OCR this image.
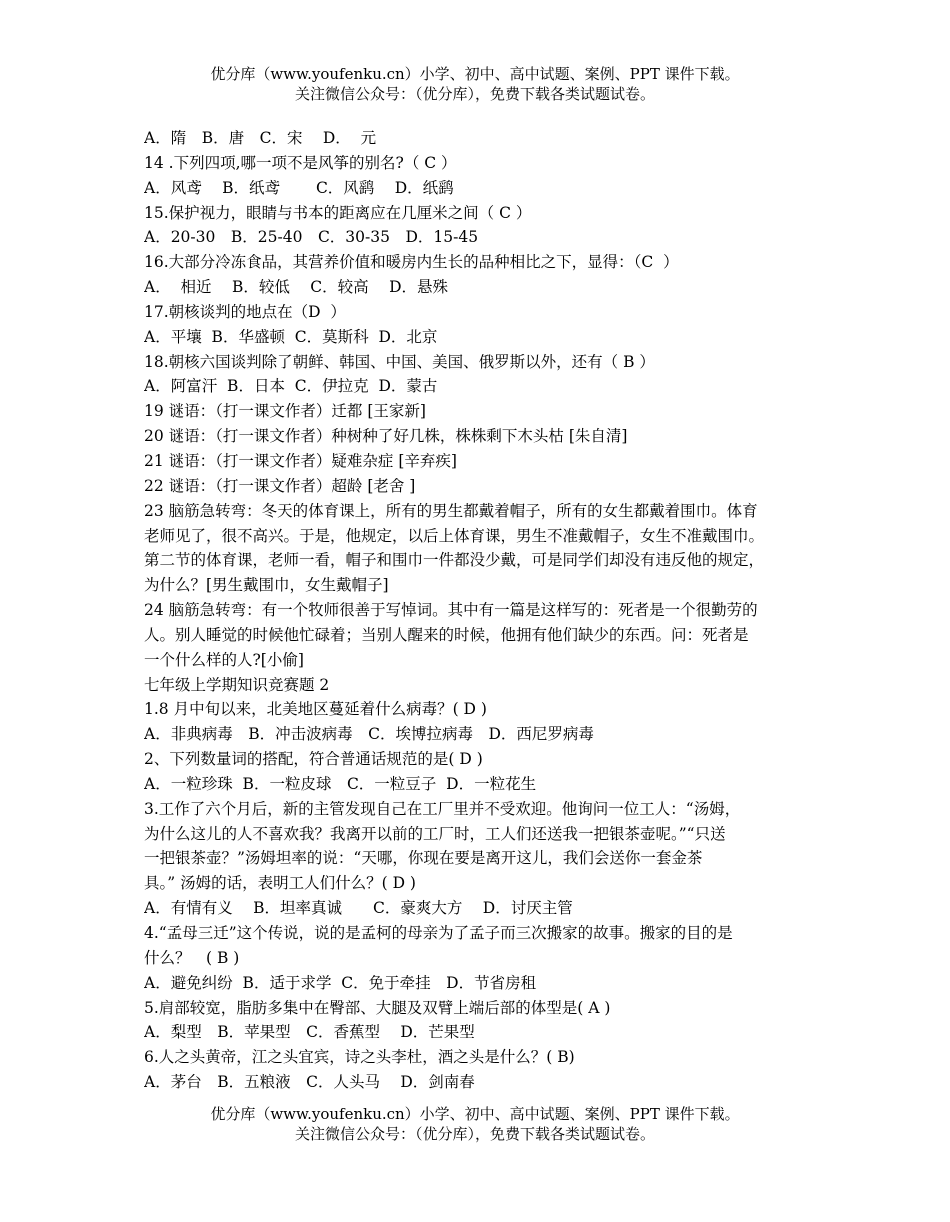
优分库（www.youfenku.cn）小学、初中、高中试题、案例、PPT 课件下载。
关注微信公众号：（优分库），免费下载各类试题试卷。
A．隋　B．唐　C．宋　 D．  元
14 .下列四项,哪一项不是风筝的别名?（ C ）
A．风鸢　 B．纸鸢　　 C．风鹞　 D．纸鹞
15.保护视力，眼睛与书本的距离应在几厘米之间（ C ）
A．20-30　B．25-40　C．30-35　D．15-45
16.大部分冷冻食品，其营养价值和暖房内生长的品种相比之下，显得：（C  ）
A．  相近　 B．较低　 C．较高　 D．悬殊
17.朝核谈判的地点在（D  ）
A．平壤  B．华盛顿  C．莫斯科  D．北京
18.朝核六国谈判除了朝鲜、韩国、中国、美国、俄罗斯以外，还有（ B ）
A．阿富汗  B．日本  C．伊拉克  D．蒙古
19 谜语：（打一课文作者）迁都 [王家新]
20 谜语：（打一课文作者）种树种了好几株，株株剩下木头枯 [朱自清]
21 谜语：（打一课文作者）疑难杂症 [辛弃疾]
22 谜语：（打一课文作者）超龄 [老舍 ]
23 脑筋急转弯：冬天的体育课上，所有的男生都戴着帽子，所有的女生都戴着围巾。体育
老师见了，很不高兴。于是，他规定，以后上体育课，男生不准戴帽子，女生不准戴围巾。
第二节的体育课，老师一看，帽子和围巾一件都没少戴，可是同学们却没有违反他的规定，
为什么？[男生戴围巾，女生戴帽子]
24 脑筋急转弯：有一个牧师很善于写悼词。其中有一篇是这样写的：死者是一个很勤劳的
人。别人睡觉的时候他忙碌着；当别人醒来的时候，他拥有他们缺少的东西。问：死者是
一个什么样的人?[小偷]
七年级上学期知识竞赛题 2
1.8 月中旬以来，北美地区蔓延着什么病毒？( D )
A．非典病毒　B．冲击波病毒　C．埃博拉病毒　D．西尼罗病毒
2、下列数量词的搭配，符合普通话规范的是( D )
A．一粒珍珠  B．一粒皮球　C．一粒豆子  D．一粒花生
3.工作了六个月后，新的主管发现自己在工厂里并不受欢迎。他询问一位工人：“汤姆，
为什么这儿的人不喜欢我？我离开以前的工厂时，工人们还送我一把银茶壶呢。”“只送
一把银茶壶？”汤姆坦率的说：“天哪，你现在要是离开这儿，我们会送你一套金茶
具。” 汤姆的话，表明工人们什么？( D )
A．有情有义　 B．坦率真诚　　C．豪爽大方　 D．讨厌主管
4.“孟母三迁”这个传说，说的是孟柯的母亲为了孟子而三次搬家的故事。搬家的目的是
什么？　( B )
A．避免纠纷  B．适于求学  C．免于牵挂　D．节省房租
5.肩部较宽，脂肪多集中在臀部、大腿及双臂上端后部的体型是( A )
A．梨型　B．苹果型　C．香蕉型　 D．芒果型
6.人之头黄帝，江之头宜宾，诗之头李杜，酒之头是什么？( B)
A．茅台　B．五粮液　C．人头马　 D．剑南春
优分库（www.youfenku.cn）小学、初中、高中试题、案例、PPT 课件下载。
关注微信公众号：（优分库），免费下载各类试题试卷。
